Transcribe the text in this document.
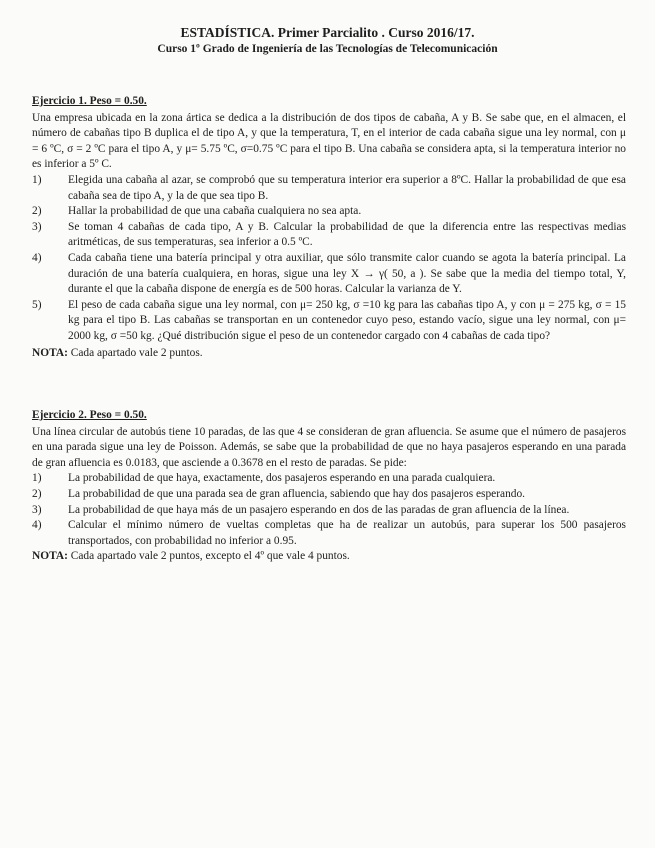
ESTADÍSTICA. Primer Parcialito . Curso 2016/17.
Curso 1º Grado de Ingeniería de las Tecnologías de Telecomunicación
Ejercicio 1. Peso = 0.50.
Una empresa ubicada en la zona ártica se dedica a la distribución de dos tipos de cabaña, A y B. Se sabe que, en el almacen, el número de cabañas tipo B duplica el de tipo A, y que la temperatura, T, en el interior de cada cabaña sigue una ley normal, con μ = 6 ºC, σ = 2 ºC para el tipo A, y μ= 5.75 ºC, σ=0.75 ºC para el tipo B. Una cabaña se considera apta, si la temperatura interior no es inferior a 5º C.
1)	Elegida una cabaña al azar, se comprobó que su temperatura interior era superior a 8ºC. Hallar la probabilidad de que esa cabaña sea de tipo A, y la de que sea tipo B.
2)	Hallar la probabilidad de que una cabaña cualquiera no sea apta.
3)	Se toman 4 cabañas de cada tipo, A y B. Calcular la probabilidad de que la diferencia entre las respectivas medias aritméticas, de sus temperaturas, sea inferior a 0.5 ºC.
4)	Cada cabaña tiene una batería principal y otra auxiliar, que sólo transmite calor cuando se agota la batería principal. La duración de una batería cualquiera, en horas, sigue una ley X → γ( 50, a ). Se sabe que la media del tiempo total, Y, durante el que la cabaña dispone de energía es de 500 horas. Calcular la varianza de Y.
5)	El peso de cada cabaña sigue una ley normal, con μ= 250 kg, σ =10 kg para las cabañas tipo A, y con μ = 275 kg, σ = 15 kg para el tipo B. Las cabañas se transportan en un contenedor cuyo peso, estando vacío, sigue una ley normal, con μ= 2000 kg, σ =50 kg. ¿Qué distribución sigue el peso de un contenedor cargado con 4 cabañas de cada tipo?
NOTA: Cada apartado vale 2 puntos.
Ejercicio 2. Peso = 0.50.
Una línea circular de autobús tiene 10 paradas, de las que 4 se consideran de gran afluencia. Se asume que el número de pasajeros en una parada sigue una ley de Poisson. Además, se sabe que la probabilidad de que no haya pasajeros esperando en una parada de gran afluencia es 0.0183, que asciende a 0.3678 en el resto de paradas. Se pide:
1)	La probabilidad de que haya, exactamente, dos pasajeros esperando en una parada cualquiera.
2)	La probabilidad de que una parada sea de gran afluencia, sabiendo que hay dos pasajeros esperando.
3)	La probabilidad de que haya más de un pasajero esperando en dos de las paradas de gran afluencia de la línea.
4)	Calcular el mínimo número de vueltas completas que ha de realizar un autobús, para superar los 500 pasajeros transportados, con probabilidad no inferior a 0.95.
NOTA: Cada apartado vale 2 puntos, excepto el 4º que vale 4 puntos.
